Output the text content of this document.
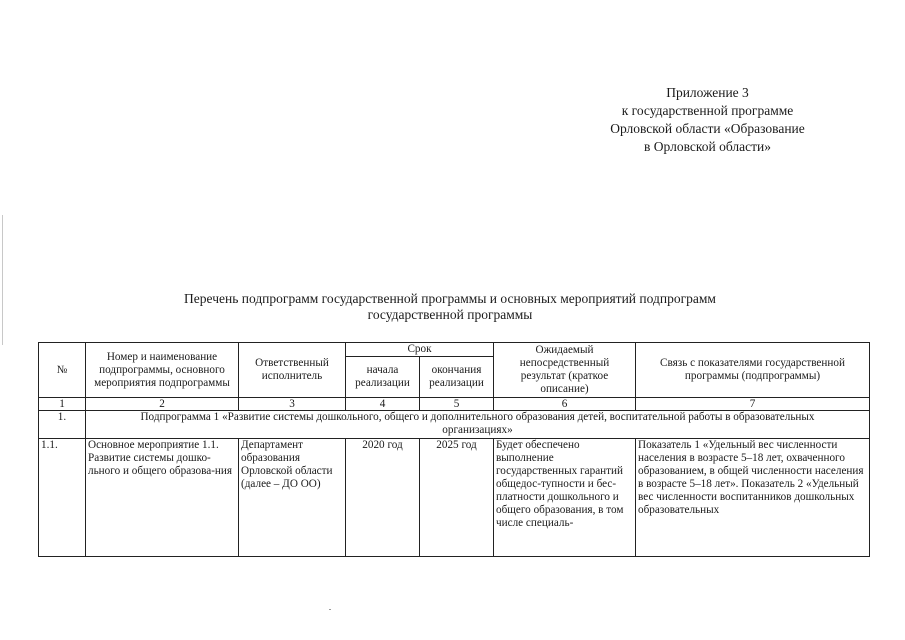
Приложение 3
к государственной программе
Орловской области «Образование
в Орловской области»
Перечень подпрограмм государственной программы и основных мероприятий подпрограмм
государственной программы
№	Номер и наименование подпрограммы, основного мероприятия подпрограммы	Ответственный исполнитель	Срок		Ожидаемый непосредственный результат (краткое описание)	Связь с показателями государственной программы (подпрограммы)
			начала реализации	окончания реализации		
1	2	3	4	5	6	7
1.	Подпрограмма 1 «Развитие системы дошкольного, общего и дополнительного образования детей, воспитательной работы в образовательных организациях»					
1.1.	Основное мероприятие 1.1. Развитие системы дошко-льного и общего образова-ния	Департамент образования Орловской области (далее – ДО ОО)	2020 год	2025 год	Будет обеспечено выполнение государственных гарантий общедос-тупности и бес-платности дошкольного и общего образования, в том числе специаль-	Показатель 1 «Удельный вес численности населения в возрасте 5–18 лет, охваченного образованием, в общей численности населения в возрасте 5–18 лет». Показатель 2 «Удельный вес численности воспитанников дошкольных образовательных
